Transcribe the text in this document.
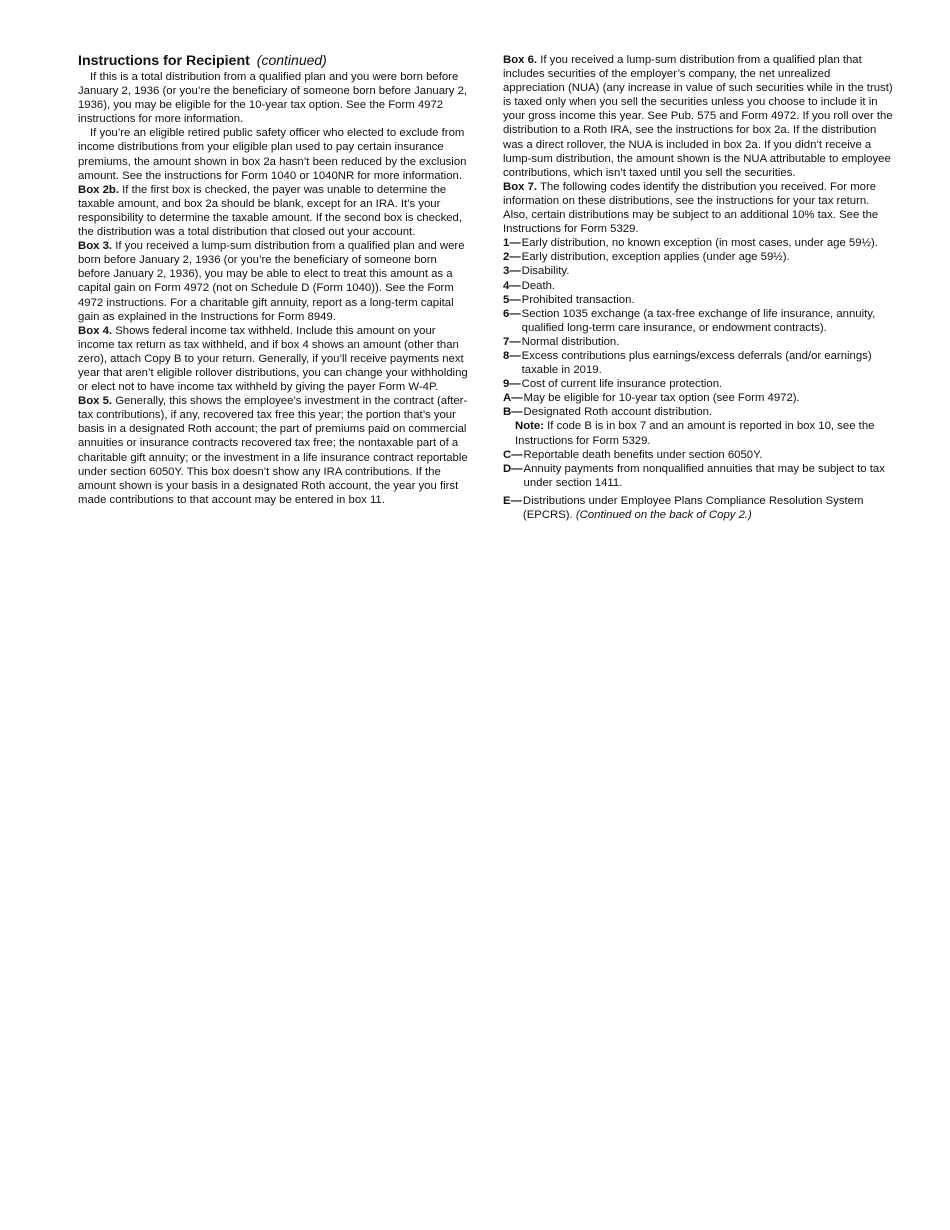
Instructions for Recipient (continued)

If this is a total distribution from a qualified plan and you were born before January 2, 1936 (or you’re the beneficiary of someone born before January 2, 1936), you may be eligible for the 10-year tax option. See the Form 4972 instructions for more information.

If you’re an eligible retired public safety officer who elected to exclude from income distributions from your eligible plan used to pay certain insurance premiums, the amount shown in box 2a hasn’t been reduced by the exclusion amount. See the instructions for Form 1040 or 1040NR for more information.

Box 2b. If the first box is checked, the payer was unable to determine the taxable amount, and box 2a should be blank, except for an IRA. It’s your responsibility to determine the taxable amount. If the second box is checked, the distribution was a total distribution that closed out your account.

Box 3. If you received a lump-sum distribution from a qualified plan and were born before January 2, 1936 (or you’re the beneficiary of someone born before January 2, 1936), you may be able to elect to treat this amount as a capital gain on Form 4972 (not on Schedule D (Form 1040)). See the Form 4972 instructions. For a charitable gift annuity, report as a long-term capital gain as explained in the Instructions for Form 8949.

Box 4. Shows federal income tax withheld. Include this amount on your income tax return as tax withheld, and if box 4 shows an amount (other than zero), attach Copy B to your return. Generally, if you’ll receive payments next year that aren’t eligible rollover distributions, you can change your withholding or elect not to have income tax withheld by giving the payer Form W-4P.

Box 5. Generally, this shows the employee’s investment in the contract (after-tax contributions), if any, recovered tax free this year; the portion that’s your basis in a designated Roth account; the part of premiums paid on commercial annuities or insurance contracts recovered tax free; the nontaxable part of a charitable gift annuity; or the investment in a life insurance contract reportable under section 6050Y. This box doesn’t show any IRA contributions. If the amount shown is your basis in a designated Roth account, the year you first made contributions to that account may be entered in box 11.

Box 6. If you received a lump-sum distribution from a qualified plan that includes securities of the employer’s company, the net unrealized appreciation (NUA) (any increase in value of such securities while in the trust) is taxed only when you sell the securities unless you choose to include it in your gross income this year. See Pub. 575 and Form 4972. If you roll over the distribution to a Roth IRA, see the instructions for box 2a. If the distribution was a direct rollover, the NUA is included in box 2a. If you didn’t receive a lump-sum distribution, the amount shown is the NUA attributable to employee contributions, which isn’t taxed until you sell the securities.

Box 7. The following codes identify the distribution you received. For more information on these distributions, see the instructions for your tax return. Also, certain distributions may be subject to an additional 10% tax. See the Instructions for Form 5329.

1 — Early distribution, no known exception (in most cases, under age 59½).
2 — Early distribution, exception applies (under age 59½).
3 — Disability.
4 — Death.
5 — Prohibited transaction.
6 — Section 1035 exchange (a tax-free exchange of life insurance, annuity, qualified long-term care insurance, or endowment contracts).
7 — Normal distribution.
8 — Excess contributions plus earnings/excess deferrals (and/or earnings) taxable in 2019.
9 — Cost of current life insurance protection.
A — May be eligible for 10-year tax option (see Form 4972).
B — Designated Roth account distribution.

Note: If code B is in box 7 and an amount is reported in box 10, see the Instructions for Form 5329.

C — Reportable death benefits under section 6050Y.
D — Annuity payments from nonqualified annuities that may be subject to tax under section 1411.
E — Distributions under Employee Plans Compliance Resolution System (EPCRS). (Continued on the back of Copy 2.)
